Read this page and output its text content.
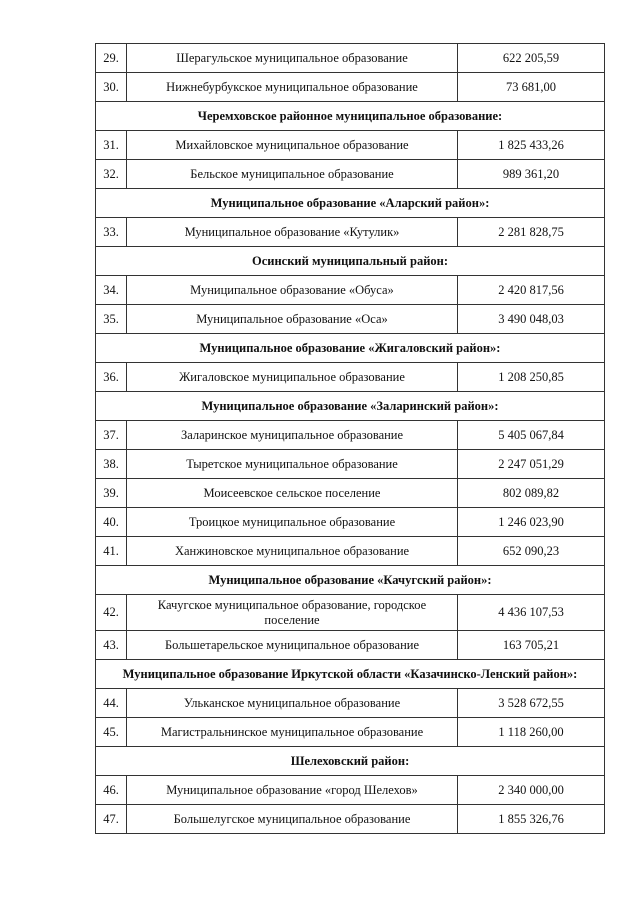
29.	Шерагульское муниципальное образование	622 205,59
30.	Нижнебурбукское муниципальное образование	73 681,00
Черемховское районное муниципальное образование:		
31.	Михайловское муниципальное образование	1 825 433,26
32.	Бельское муниципальное образование	989 361,20
Муниципальное образование «Аларский район»:		
33.	Муниципальное образование «Кутулик»	2 281 828,75
Осинский муниципальный район:		
34.	Муниципальное образование «Обуса»	2 420 817,56
35.	Муниципальное образование «Оса»	3 490 048,03
Муниципальное образование «Жигаловский район»:		
36.	Жигаловское муниципальное образование	1 208 250,85
Муниципальное образование «Заларинский район»:		
37.	Заларинское муниципальное образование	5 405 067,84
38.	Тыретское муниципальное образование	2 247 051,29
39.	Моисеевское сельское поселение	802 089,82
40.	Троицкое муниципальное образование	1 246 023,90
41.	Ханжиновское муниципальное образование	652 090,23
Муниципальное образование «Качугский район»:		
42.	Качугское муниципальное образование, городское поселение	4 436 107,53
43.	Большетарельское муниципальное образование	163 705,21
Муниципальное образование Иркутской области «Казачинско-Ленский район»:		
44.	Ульканское муниципальное образование	3 528 672,55
45.	Магистральнинское муниципальное образование	1 118 260,00
Шелеховский район:		
46.	Муниципальное образование «город Шелехов»	2 340 000,00
47.	Большелугское муниципальное образование	1 855 326,76
